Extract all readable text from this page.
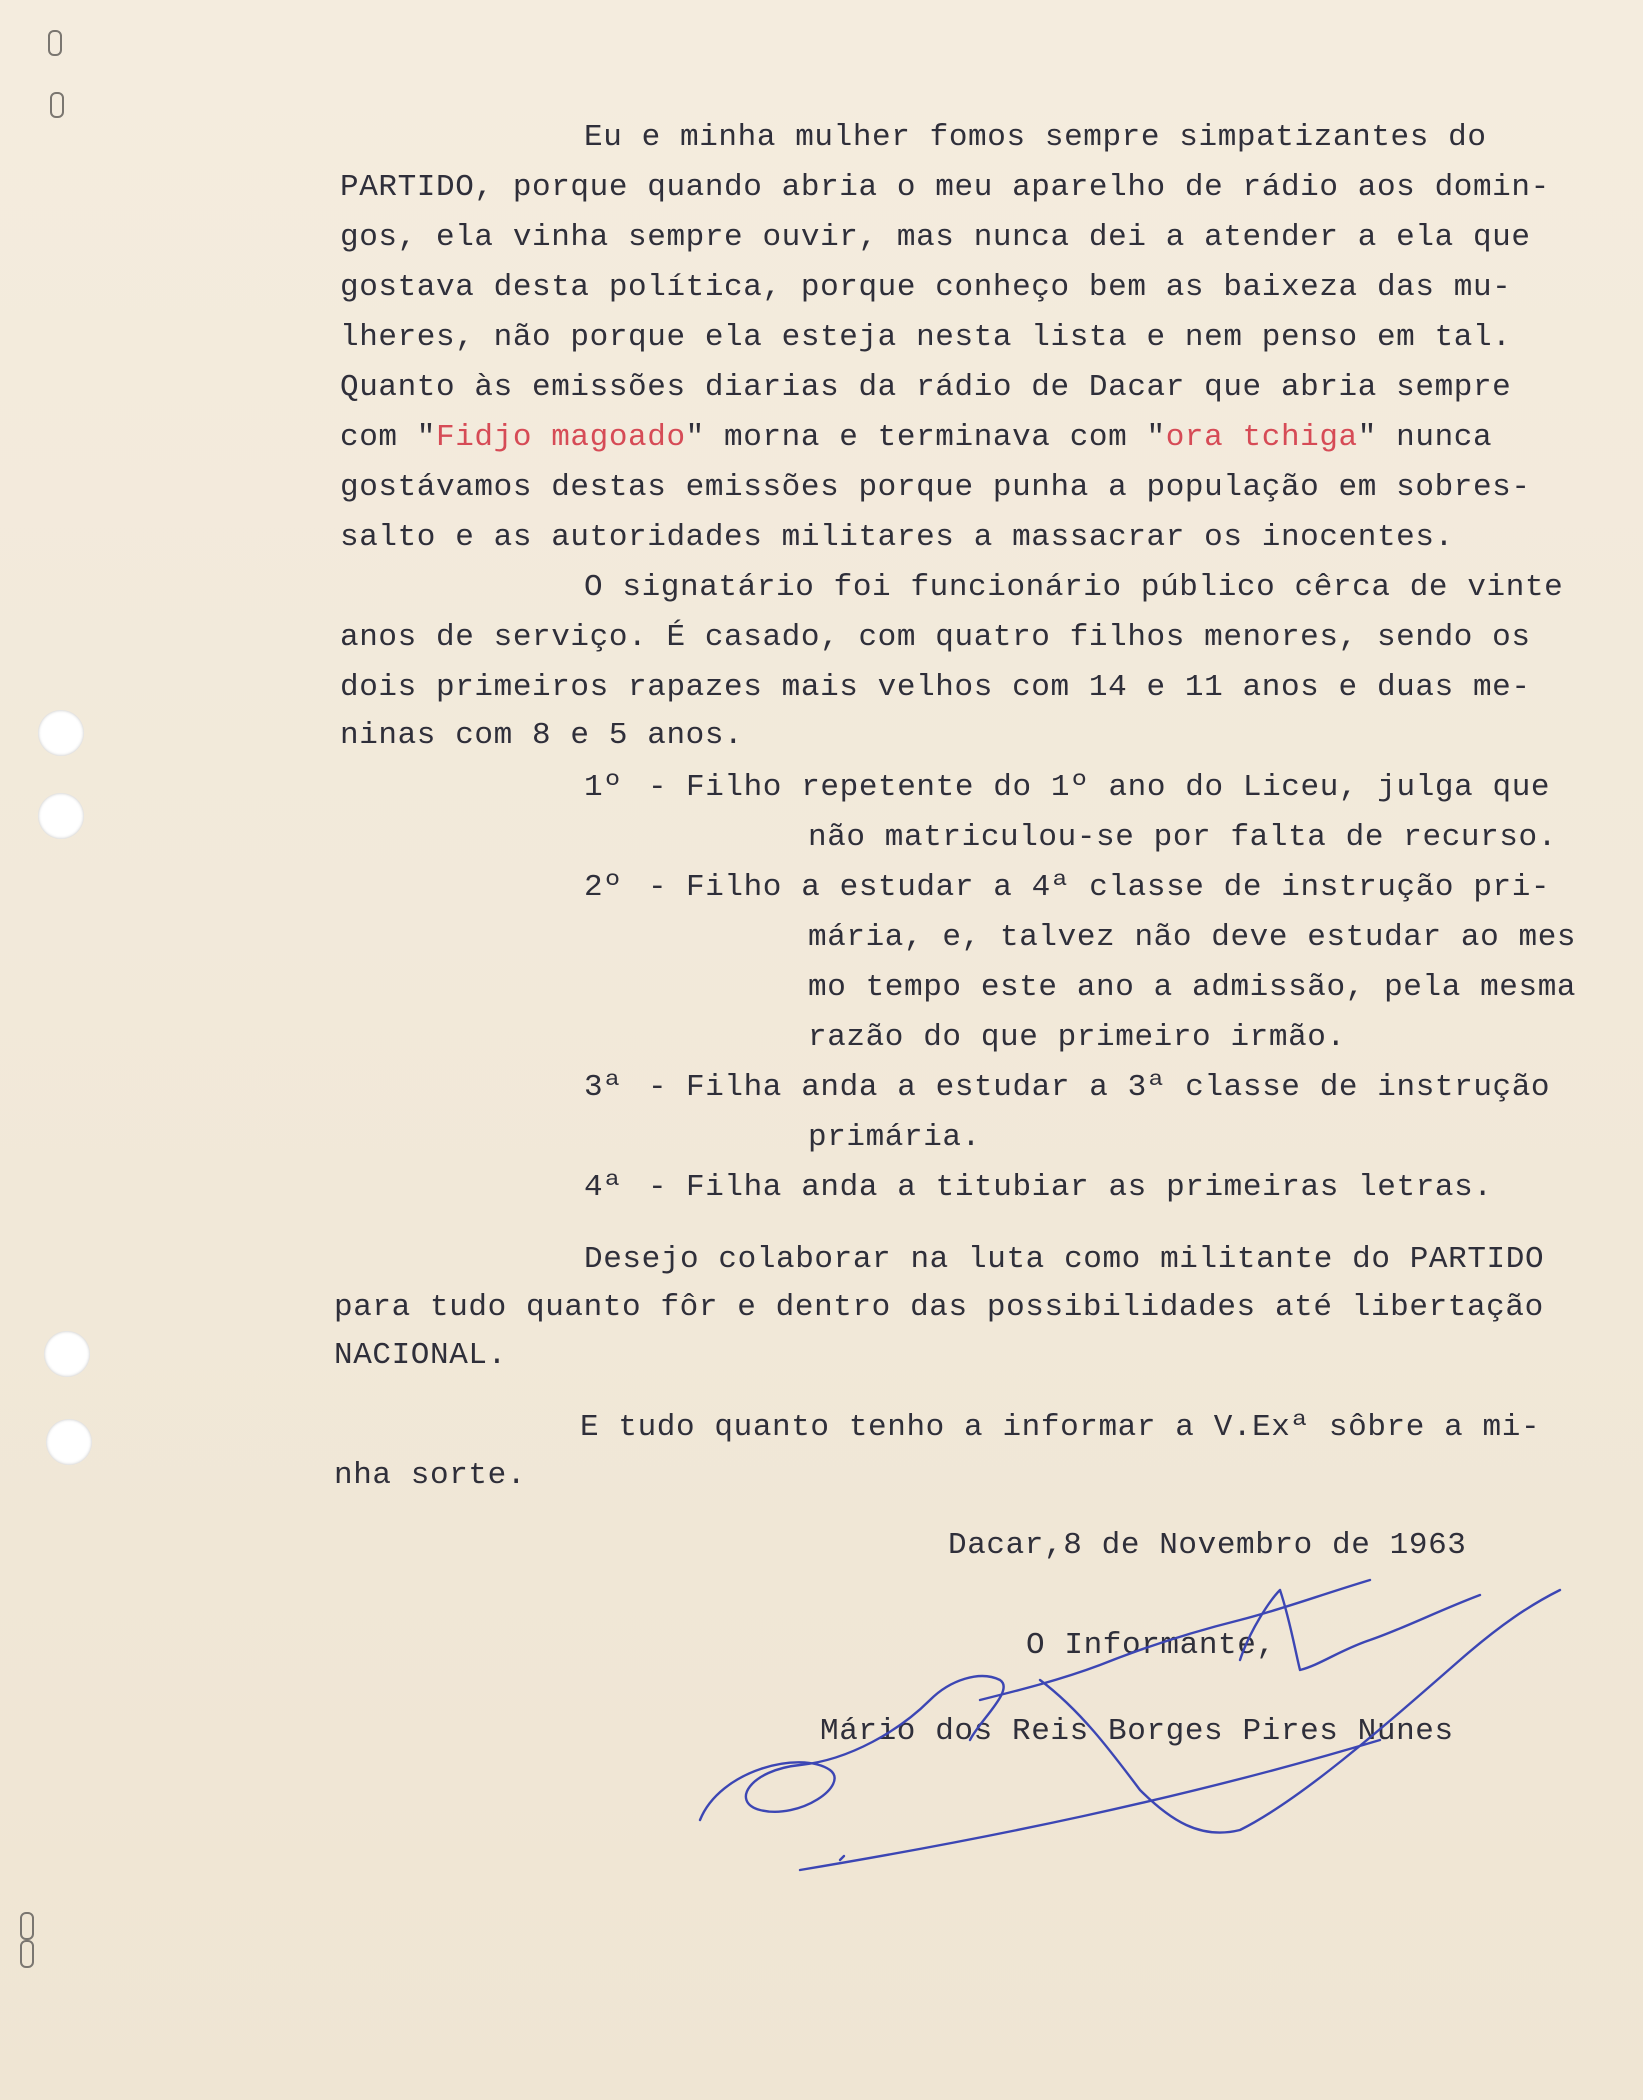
Eu e minha mulher fomos sempre simpatizantes do
PARTIDO, porque quando abria o meu aparelho de rádio aos domin-
gos, ela vinha sempre ouvir, mas nunca dei a atender a ela que
gostava desta política, porque conheço bem as baixeza das mu-
lheres, não porque ela esteja nesta lista e nem penso em tal.
Quanto às emissões diarias da rádio de Dacar que abria sempre
com "Fidjo magoado" morna e terminava com "ora tchiga" nunca
gostávamos destas emissões porque punha a população em sobres-
salto e as autoridades militares a massacrar os inocentes.
O signatário foi funcionário público cêrca de vinte
anos de serviço. É casado, com quatro filhos menores, sendo os
dois primeiros rapazes mais velhos com 14 e 11 anos e duas me-
ninas com 8 e 5 anos.
1º - Filho repetente do 1º ano do Liceu, julga que
não matriculou-se por falta de recurso.
2º - Filho a estudar a 4ª classe de instrução pri-
mária, e, talvez não deve estudar ao mes
mo tempo este ano a admissão, pela mesma
razão do que primeiro irmão.
3ª - Filha anda a estudar a 3ª classe de instrução
primária.
4ª - Filha anda a titubiar as primeiras letras.
Desejo colaborar na luta como militante do PARTIDO
para tudo quanto fôr e dentro das possibilidades até libertação
NACIONAL.
E tudo quanto tenho a informar a V.Exª sôbre a mi-
nha sorte.
Dacar,8 de Novembro de 1963
O Informante,
Mário dos Reis Borges Pires Nunes
